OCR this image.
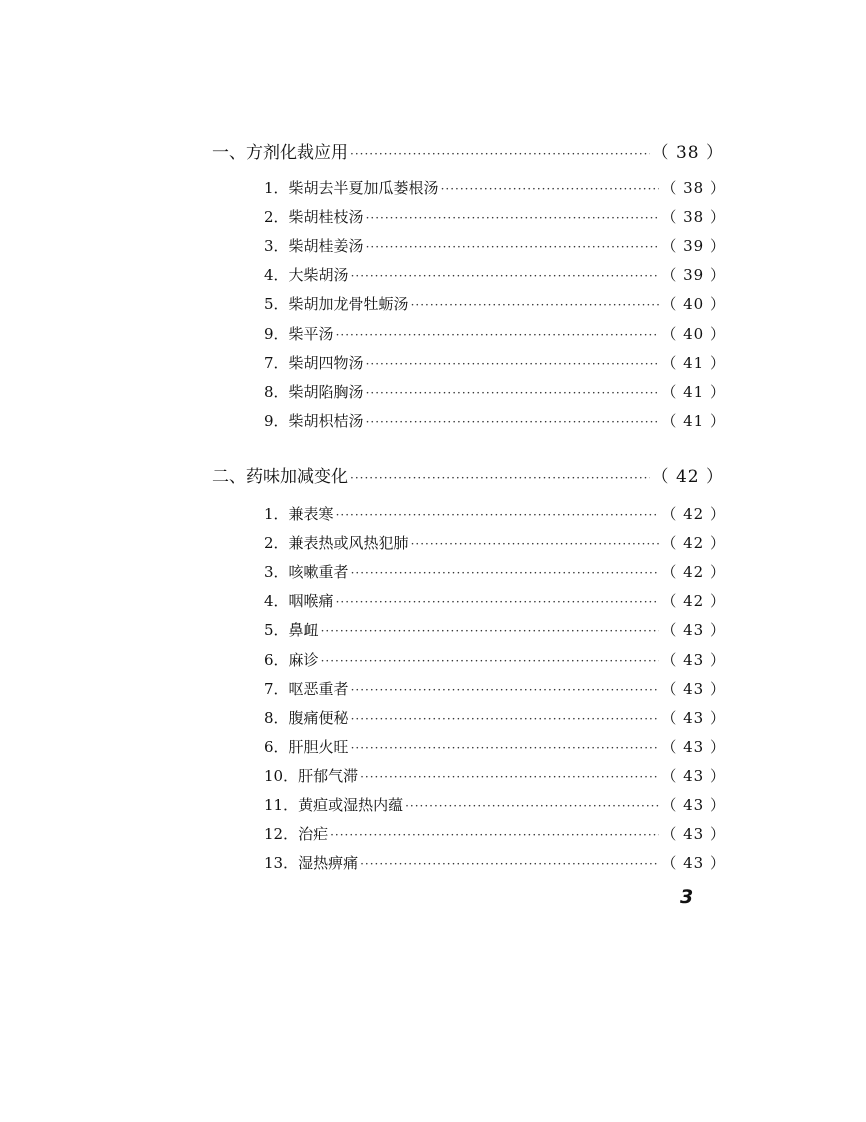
一、方剂化裁应用 ·····	（ 38 ）
1． 柴胡去半夏加瓜蒌根汤 ·····	（ 38 ）
2． 柴胡桂枝汤 ·····	（ 38 ）
3． 柴胡桂姜汤 ·····	（ 39 ）
4． 大柴胡汤 ·····	（ 39 ）
5． 柴胡加龙骨牡蛎汤 ·····	（ 40 ）
9． 柴平汤 ·····	（ 40 ）
7． 柴胡四物汤 ·····	（ 41 ）
8． 柴胡陷胸汤 ·····	（ 41 ）
9． 柴胡枳桔汤 ·····	（ 41 ）
二、药味加减变化 ·····	（ 42 ）
1． 兼表寒 ·····	（ 42 ）
2． 兼表热或风热犯肺 ·····	（ 42 ）
3． 咳嗽重者 ·····	（ 42 ）
4． 咽喉痛 ·····	（ 42 ）
5． 鼻衄 ·····	（ 43 ）
6． 麻诊 ·····	（ 43 ）
7． 呕恶重者 ·····	（ 43 ）
8． 腹痛便秘 ·····	（ 43 ）
6． 肝胆火旺 ·····	（ 43 ）
10． 肝郁气滞 ·····	（ 43 ）
11． 黄疸或湿热内蕴 ·····	（ 43 ）
12． 治疟 ·····	（ 43 ）
13． 湿热痹痛 ·····	（ 43 ）
3
